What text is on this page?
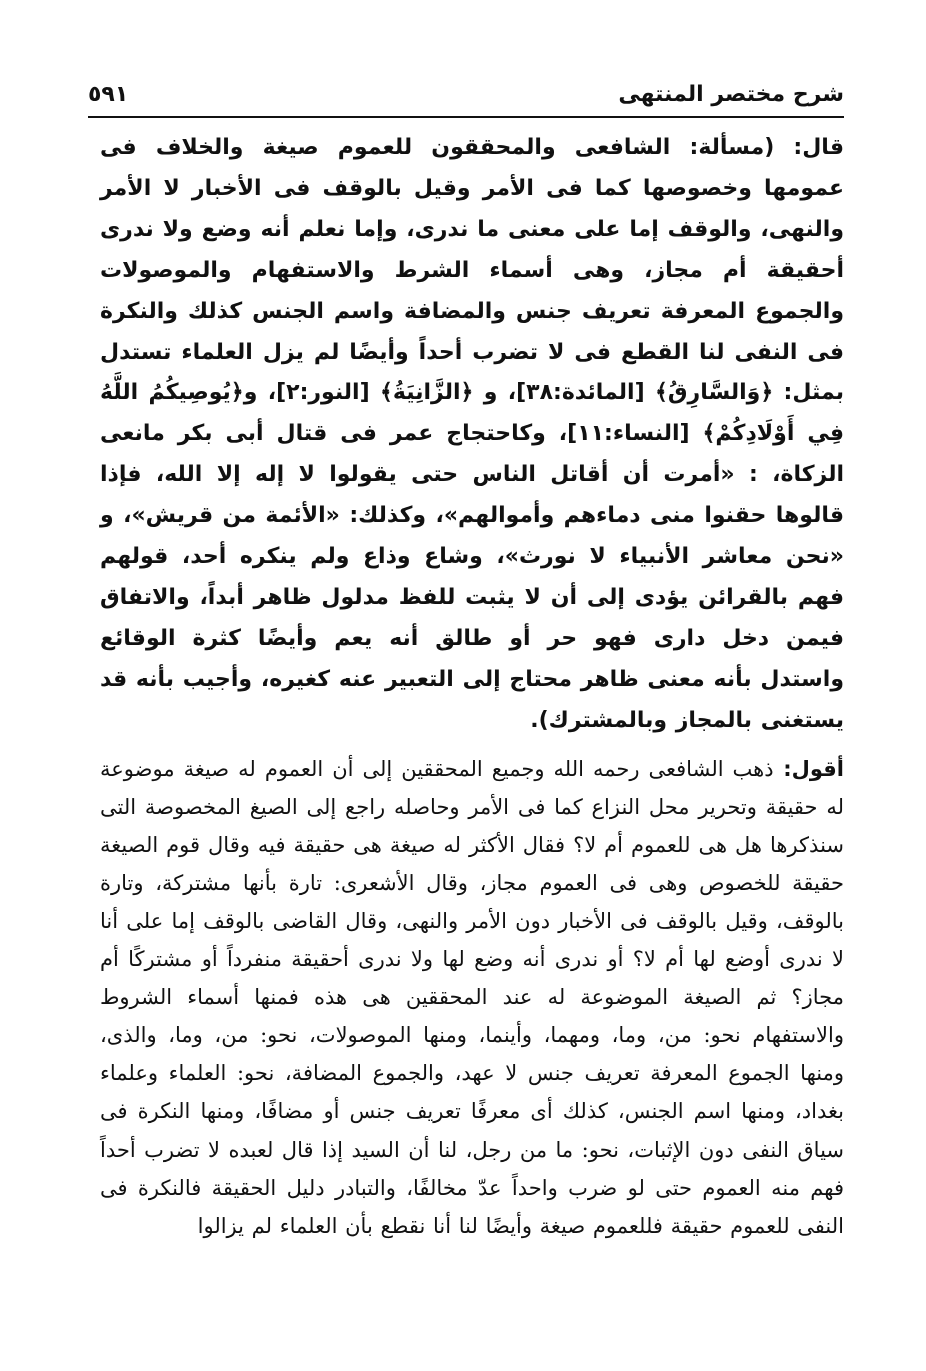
شرح مختصر المنتهى
٥٩١

قال: (مسألة: الشافعى والمحققون للعموم صيغة والخلاف فى عمومها وخصوصها كما فى الأمر وقيل بالوقف فى الأخبار لا الأمر والنهى، والوقف إما على معنى ما ندرى، وإما نعلم أنه وضع ولا ندرى أحقيقة أم مجاز، وهى أسماء الشرط والاستفهام والموصولات والجموع المعرفة تعريف جنس والمضافة واسم الجنس كذلك والنكرة فى النفى لنا القطع فى لا تضرب أحداً وأيضًا لم يزل العلماء تستدل بمثل: ﴿وَالسَّارِقُ﴾ [المائدة:٣٨]، و ﴿الزَّانِيَةُ﴾ [النور:٢]، و﴿يُوصِيكُمُ اللَّهُ فِي أَوْلَادِكُمْ﴾ [النساء:١١]، وكاحتجاج عمر فى قتال أبى بكر مانعى الزكاة، : «أمرت أن أقاتل الناس حتى يقولوا لا إله إلا الله، فإذا قالوها حقنوا منى دماءهم وأموالهم»، وكذلك: «الأئمة من قريش»، و «نحن معاشر الأنبياء لا نورث»، وشاع وذاع ولم ينكره أحد، قولهم فهم بالقرائن يؤدى إلى أن لا يثبت للفظ مدلول ظاهر أبداً، والاتفاق فيمن دخل دارى فهو حر أو طالق أنه يعم وأيضًا كثرة الوقائع واستدل بأنه معنى ظاهر محتاج إلى التعبير عنه كغيره، وأجيب بأنه قد يستغنى بالمجاز وبالمشترك).

أقول: ذهب الشافعى رحمه الله وجميع المحققين إلى أن العموم له صيغة موضوعة له حقيقة وتحرير محل النزاع كما فى الأمر وحاصله راجع إلى الصيغ المخصوصة التى سنذكرها هل هى للعموم أم لا؟ فقال الأكثر له صيغة هى حقيقة فيه وقال قوم الصيغة حقيقة للخصوص وهى فى العموم مجاز، وقال الأشعرى: تارة بأنها مشتركة، وتارة بالوقف، وقيل بالوقف فى الأخبار دون الأمر والنهى، وقال القاضى بالوقف إما على أنا لا ندرى أوضع لها أم لا؟ أو ندرى أنه وضع لها ولا ندرى أحقيقة منفرداً أو مشتركًا أم مجاز؟ ثم الصيغة الموضوعة له عند المحققين هى هذه فمنها أسماء الشروط والاستفهام نحو: من، وما، ومهما، وأينما، ومنها الموصولات، نحو: من، وما، والذى، ومنها الجموع المعرفة تعريف جنس لا عهد، والجموع المضافة، نحو: العلماء وعلماء بغداد، ومنها اسم الجنس، كذلك أى معرفًا تعريف جنس أو مضافًا، ومنها النكرة فى سياق النفى دون الإثبات، نحو: ما من رجل، لنا أن السيد إذا قال لعبده لا تضرب أحداً فهم منه العموم حتى لو ضرب واحداً عدّ مخالفًا، والتبادر دليل الحقيقة فالنكرة فى النفى للعموم حقيقة فللعموم صيغة وأيضًا لنا أنا نقطع بأن العلماء لم يزالوا
